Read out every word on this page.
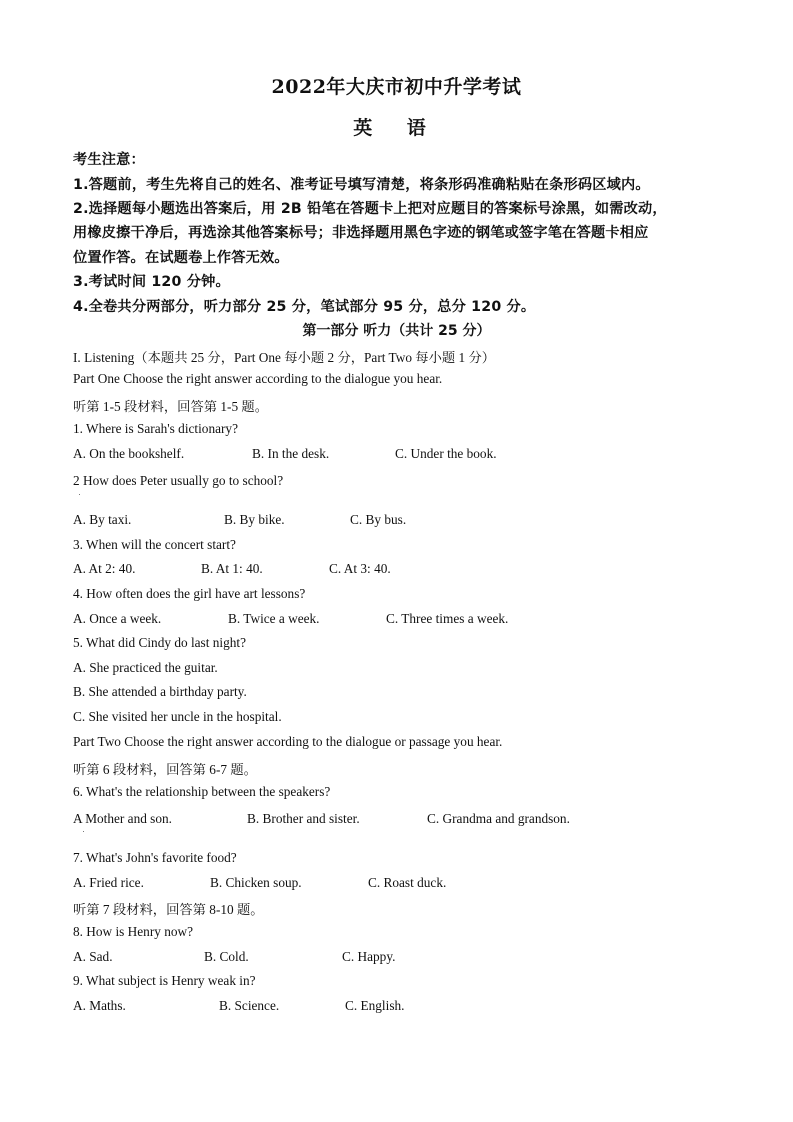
2022年大庆市初中升学考试
英 语
考生注意：
1.答题前，考生先将自己的姓名、准考证号填写清楚，将条形码准确粘贴在条形码区域内。
2.选择题每小题选出答案后，用 2B 铅笔在答题卡上把对应题目的答案标号涂黑，如需改动，
用橡皮擦干净后，再选涂其他答案标号；非选择题用黑色字迹的钢笔或签字笔在答题卡相应
位置作答。在试题卷上作答无效。
3.考试时间 120 分钟。
4.全卷共分两部分，听力部分 25 分，笔试部分 95 分，总分 120 分。
第一部分 听力（共计 25 分）
I. Listening（本题共 25 分，Part One 每小题 2 分，Part Two 每小题 1 分）
Part One Choose the right answer according to the dialogue you hear.
听第 1-5 段材料，回答第 1-5 题。
1. Where is Sarah's dictionary?
A. On the bookshelf.	B. In the desk.	C. Under the book.
2 How does Peter usually go to school?
A. By taxi.	B. By bike.	C. By bus.
3. When will the concert start?
A. At 2: 40.	B. At 1: 40.	C. At 3: 40.
4. How often does the girl have art lessons?
A. Once a week.	B. Twice a week.	C. Three times a week.
5. What did Cindy do last night?
A. She practiced the guitar.
B. She attended a birthday party.
C. She visited her uncle in the hospital.
Part Two Choose the right answer according to the dialogue or passage you hear.
听第 6 段材料，回答第 6-7 题。
6. What's the relationship between the speakers?
A Mother and son.	B. Brother and sister.	C. Grandma and grandson.
7. What's John's favorite food?
A. Fried rice.	B. Chicken soup.	C. Roast duck.
听第 7 段材料，回答第 8-10 题。
8. How is Henry now?
A. Sad.	B. Cold.	C. Happy.
9. What subject is Henry weak in?
A. Maths.	B. Science.	C. English.
